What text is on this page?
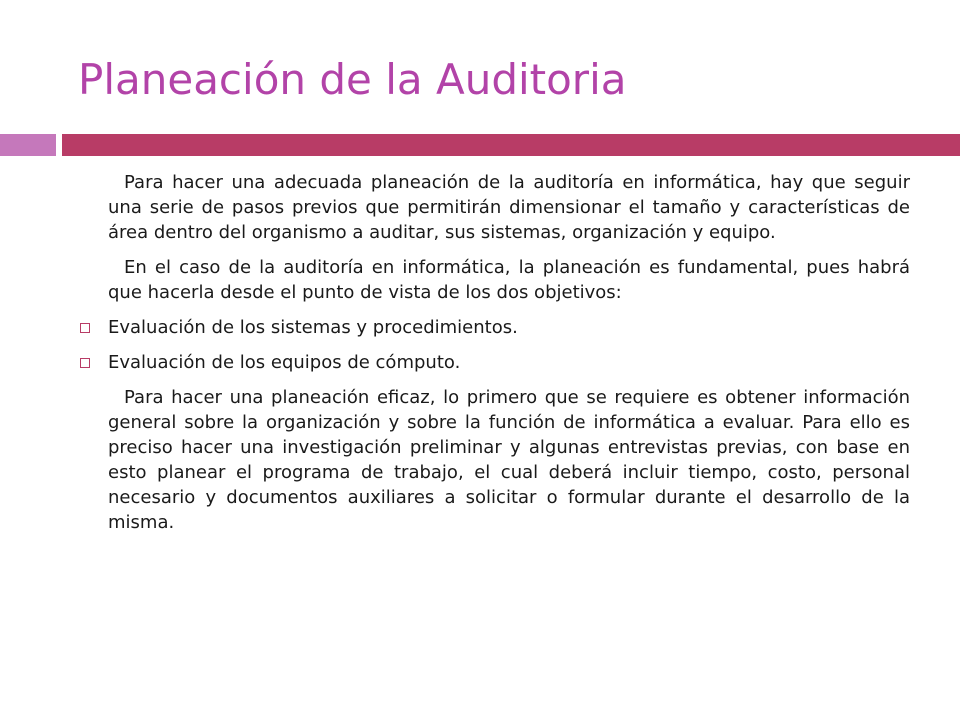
Planeación de la Auditoria

Para hacer una adecuada planeación de la auditoría en informática, hay que seguir una serie de pasos previos que permitirán dimensionar el tamaño y características de área dentro del organismo a auditar, sus sistemas, organización y equipo.

En el caso de la auditoría en informática, la planeación es fundamental, pues habrá que hacerla desde el punto de vista de los dos objetivos:

Evaluación de los sistemas y procedimientos.
Evaluación de los equipos de cómputo.

Para hacer una planeación eficaz, lo primero que se requiere es obtener información general sobre la organización y sobre la función de informática a evaluar. Para ello es preciso hacer una investigación preliminar y algunas entrevistas previas, con base en esto planear el programa de trabajo, el cual deberá incluir tiempo, costo, personal necesario y documentos auxiliares a solicitar o formular durante el desarrollo de la misma.
